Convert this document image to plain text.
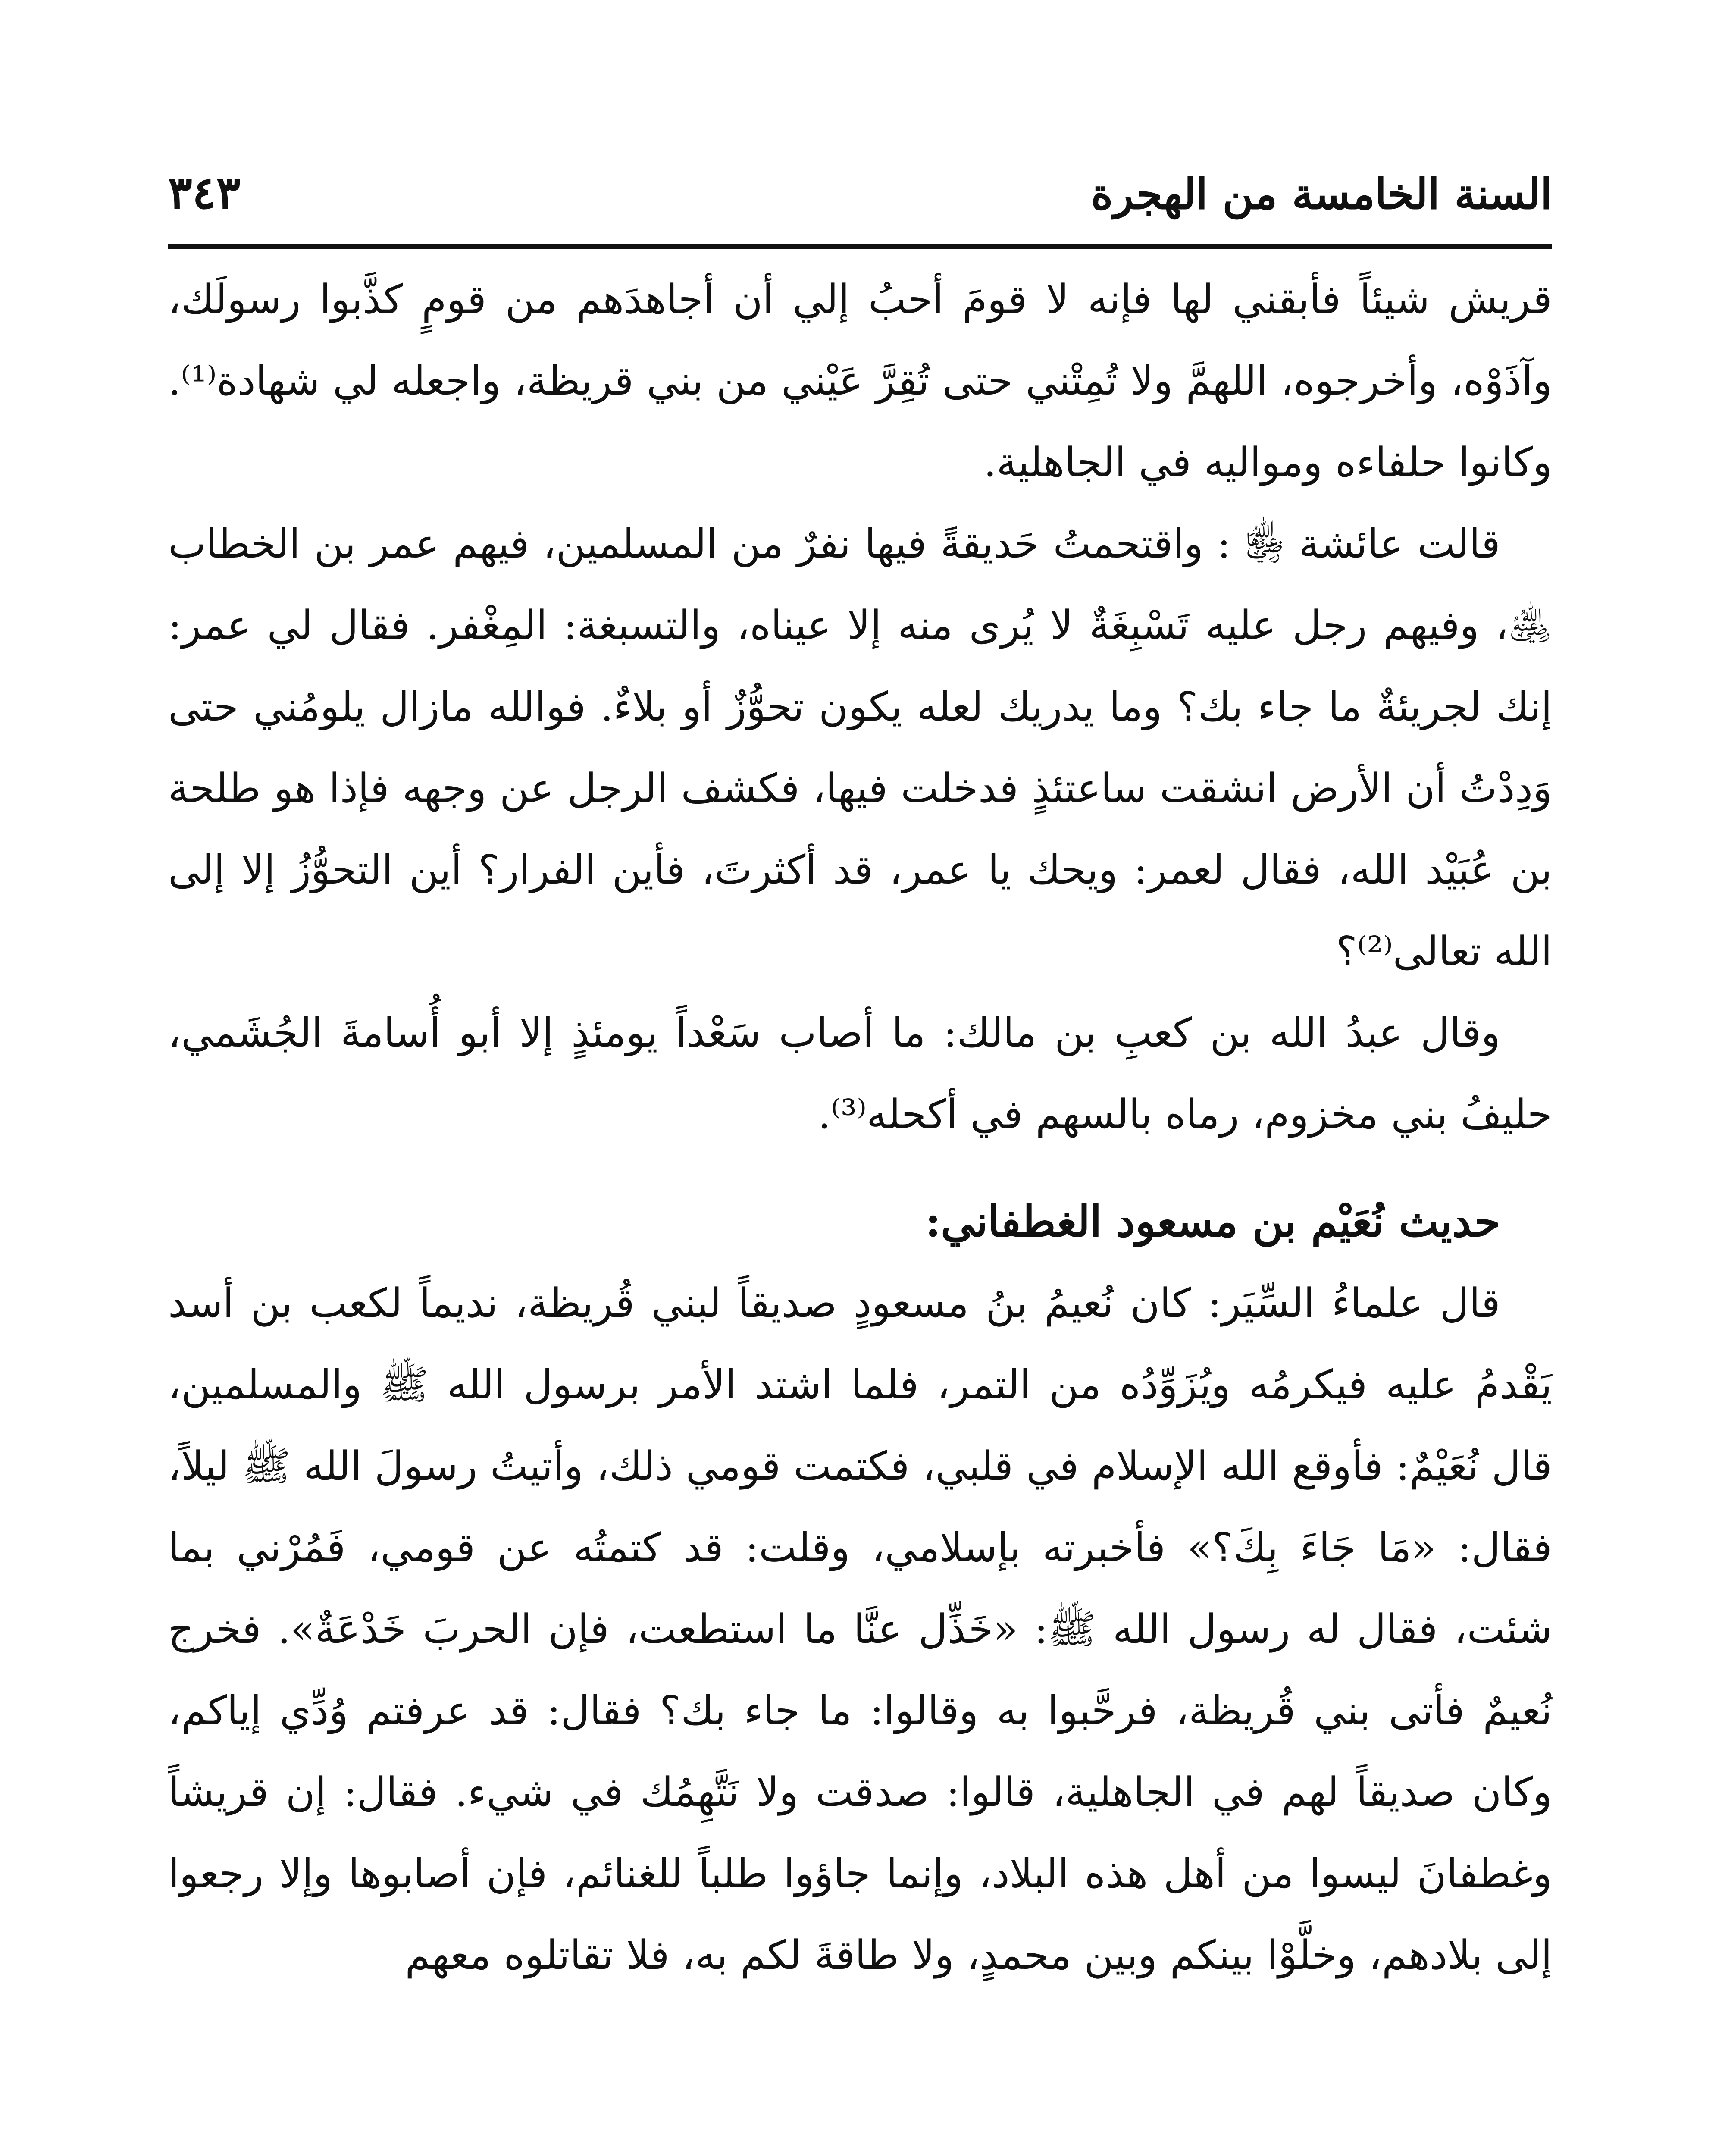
السنة الخامسة من الهجرة
٣٤٣

قريش شيئاً فأبقني لها فإنه لا قومَ أحبُ إلي أن أجاهدَهم من قومٍ كذَّبوا رسولَك، وآذَوْه، وأخرجوه، اللهمَّ ولا تُمِتْني حتى تُقِرَّ عَيْني من بني قريظة، واجعله لي شهادة⁽¹⁾. وكانوا حلفاءه ومواليه في الجاهلية.

قالت عائشة ﵂ : واقتحمتُ حَديقةً فيها نفرٌ من المسلمين، فيهم عمر بن الخطاب ﵁، وفيهم رجل عليه تَسْبِغَةٌ لا يُرى منه إلا عيناه، والتسبغة: المِغْفر. فقال لي عمر: إنك لجريئةٌ ما جاء بك؟ وما يدريك لعله يكون تحوُّزٌ أو بلاءٌ. فوالله مازال يلومُني حتى وَدِدْتُ أن الأرض انشقت ساعتئذٍ فدخلت فيها، فكشف الرجل عن وجهه فإذا هو طلحة بن عُبَيْد الله، فقال لعمر: ويحك يا عمر، قد أكثرتَ، فأين الفرار؟ أين التحوُّزُ إلا إلى الله تعالى⁽²⁾؟

وقال عبدُ الله بن كعبِ بن مالك: ما أصاب سَعْداً يومئذٍ إلا أبو أُسامةَ الجُشَمي، حليفُ بني مخزوم، رماه بالسهم في أكحله⁽³⁾.

حديث نُعَيْم بن مسعود الغطفاني:

قال علماءُ السِّيَر: كان نُعيمُ بنُ مسعودٍ صديقاً لبني قُريظة، نديماً لكعب بن أسد يَقْدمُ عليه فيكرمُه ويُزَوِّدُه من التمر، فلما اشتد الأمر برسول الله ﷺ والمسلمين، قال نُعَيْمٌ: فأوقع الله الإسلام في قلبي، فكتمت قومي ذلك، وأتيتُ رسولَ الله ﷺ ليلاً، فقال: «مَا جَاءَ بِكَ؟» فأخبرته بإسلامي، وقلت: قد كتمتُه عن قومي، فَمُرْني بما شئت، فقال له رسول الله ﷺ: «خَذِّل عنَّا ما استطعت، فإن الحربَ خَدْعَةٌ». فخرج نُعيمٌ فأتى بني قُريظة، فرحَّبوا به وقالوا: ما جاء بك؟ فقال: قد عرفتم وُدِّي إياكم، وكان صديقاً لهم في الجاهلية، قالوا: صدقت ولا نَتَّهِمُك في شيء. فقال: إن قريشاً وغطفانَ ليسوا من أهل هذه البلاد، وإنما جاؤوا طلباً للغنائم، فإن أصابوها وإلا رجعوا إلى بلادهم، وخلَّوْا بينكم وبين محمدٍ، ولا طاقةَ لكم به، فلا تقاتلوه معهم
